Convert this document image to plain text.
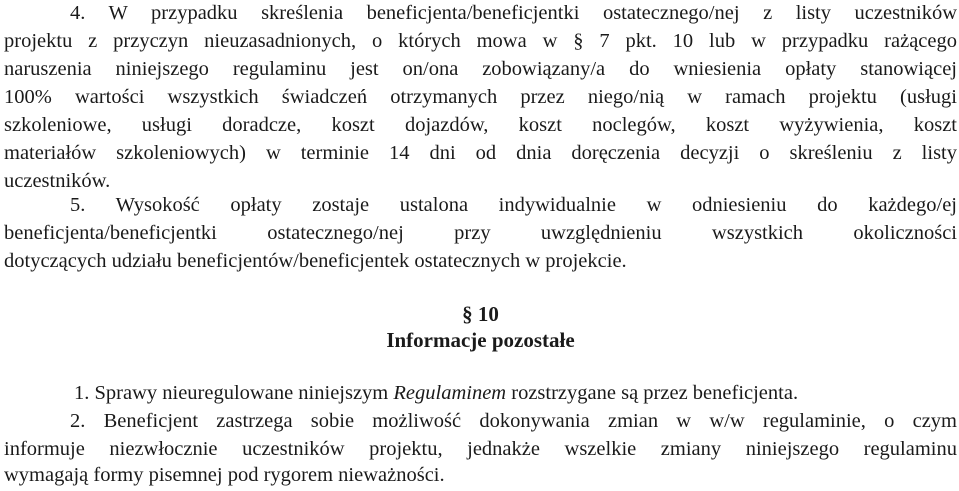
4. W przypadku skreślenia beneficjenta/beneficjentki ostatecznego/nej z listy uczestników
projektu z przyczyn nieuzasadnionych, o których mowa w § 7 pkt. 10 lub w przypadku rażącego
naruszenia niniejszego regulaminu jest on/ona zobowiązany/a do wniesienia opłaty stanowiącej
100% wartości wszystkich świadczeń otrzymanych przez niego/nią w ramach projektu (usługi
szkoleniowe, usługi doradcze, koszt dojazdów, koszt noclegów, koszt wyżywienia, koszt
materiałów szkoleniowych) w terminie 14 dni od dnia doręczenia decyzji o skreśleniu z listy
uczestników.
5. Wysokość opłaty zostaje ustalona indywidualnie w odniesieniu do każdego/ej
beneficjenta/beneficjentki ostatecznego/nej przy uwzględnieniu wszystkich okoliczności
dotyczących udziału beneficjentów/beneficjentek ostatecznych w projekcie.
§ 10
Informacje pozostałe
1. Sprawy nieuregulowane niniejszym Regulaminem rozstrzygane są przez beneficjenta.
2. Beneficjent zastrzega sobie możliwość dokonywania zmian w w/w regulaminie, o czym
informuje niezwłocznie uczestników projektu, jednakże wszelkie zmiany niniejszego regulaminu
wymagają formy pisemnej pod rygorem nieważności.
